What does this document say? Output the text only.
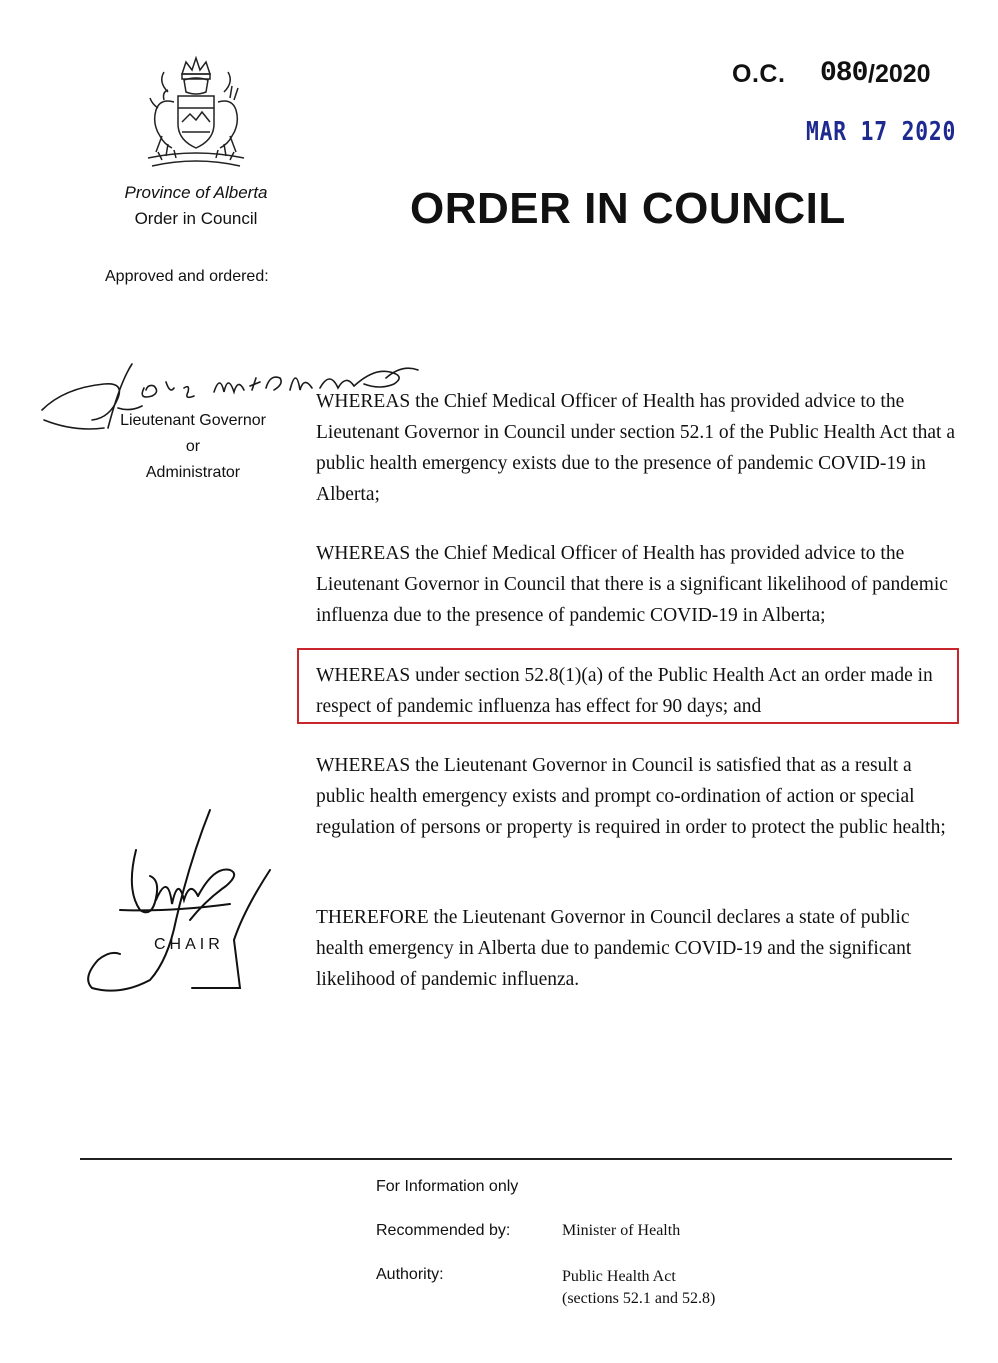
Province of Alberta
Order in Council
Approved and ordered:
O.C. 080 /2020
MAR 17 2020
ORDER IN COUNCIL
Lieutenant Governor
or
Administrator
WHEREAS the Chief Medical Officer of Health has provided advice to the Lieutenant Governor in Council under section 52.1 of the Public Health Act that a public health emergency exists due to the presence of pandemic COVID-19 in Alberta;
WHEREAS the Chief Medical Officer of Health has provided advice to the Lieutenant Governor in Council that there is a significant likelihood of pandemic influenza due to the presence of pandemic COVID-19 in Alberta;
WHEREAS under section 52.8(1)(a) of the Public Health Act an order made in respect of pandemic influenza has effect for 90 days; and
WHEREAS the Lieutenant Governor in Council is satisfied that as a result a public health emergency exists and prompt co-ordination of action or special regulation of persons or property is required in order to protect the public health;
THEREFORE the Lieutenant Governor in Council declares a state of public health emergency in Alberta due to pandemic COVID-19 and the significant likelihood of pandemic influenza.
CHAIR
For Information only
Recommended by:	Minister of Health
Authority:	Public Health Act
(sections 52.1 and 52.8)
